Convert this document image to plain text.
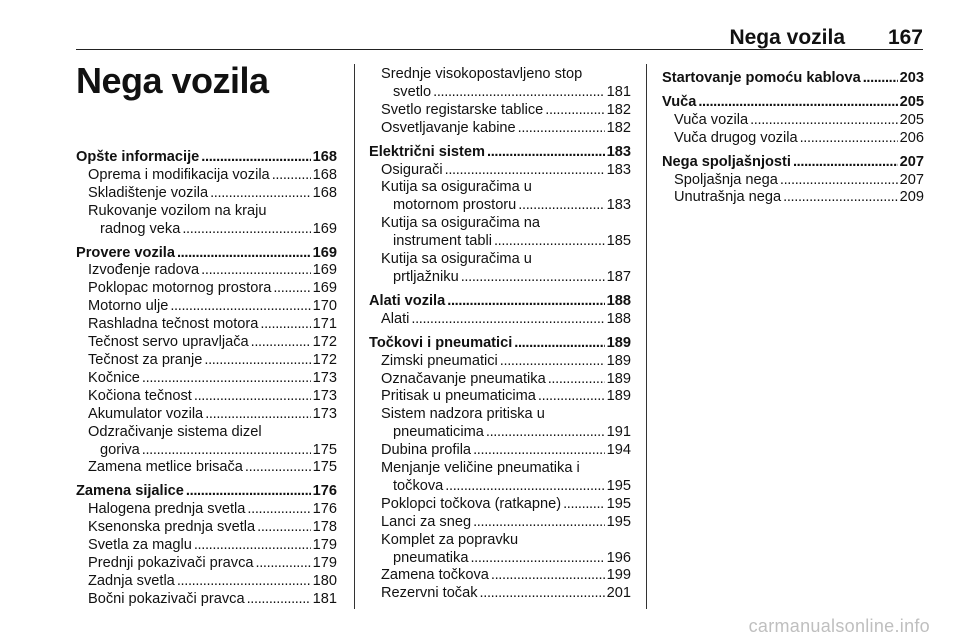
Nega vozila 167
Nega vozila
Opšte informacije . . .	168
Oprema i modifikacija vozila . . .	168
Skladištenje vozila . . .	168
Rukovanje vozilom na kraju
radnog veka . . .	169
Provere vozila . . .	169
Izvođenje radova . . .	169
Poklopac motornog prostora . . .	169
Motorno ulje . . .	170
Rashladna tečnost motora . . .	171
Tečnost servo upravljača . . .	172
Tečnost za pranje . . .	172
Kočnice . . .	173
Kočiona tečnost . . .	173
Akumulator vozila . . .	173
Odzračivanje sistema dizel
goriva . . .	175
Zamena metlice brisača . . .	175
Zamena sijalice . . .	176
Halogena prednja svetla . . .	176
Ksenonska prednja svetla . . .	178
Svetla za maglu . . .	179
Prednji pokazivači pravca . . .	179
Zadnja svetla . . .	180
Bočni pokazivači pravca . . .	181
Srednje visokopostavljeno stop
svetlo . . .	181
Svetlo registarske tablice . . .	182
Osvetljavanje kabine . . .	182
Električni sistem . . .	183
Osigurači . . .	183
Kutija sa osiguračima u
motornom prostoru . . .	183
Kutija sa osiguračima na
instrument tabli . . .	185
Kutija sa osiguračima u
prtljažniku . . .	187
Alati vozila . . .	188
Alati . . .	188
Točkovi i pneumatici . . .	189
Zimski pneumatici . . .	189
Označavanje pneumatika . . .	189
Pritisak u pneumaticima . . .	189
Sistem nadzora pritiska u
pneumaticima . . .	191
Dubina profila . . .	194
Menjanje veličine pneumatika i
točkova . . .	195
Poklopci točkova (ratkapne) . . .	195
Lanci za sneg . . .	195
Komplet za popravku
pneumatika . . .	196
Zamena točkova . . .	199
Rezervni točak . . .	201
Startovanje pomoću kablova . . .	203
Vuča . . .	205
Vuča vozila . . .	205
Vuča drugog vozila . . .	206
Nega spoljašnjosti . . .	207
Spoljašnja nega . . .	207
Unutrašnja nega . . .	209
carmanualsonline.info
